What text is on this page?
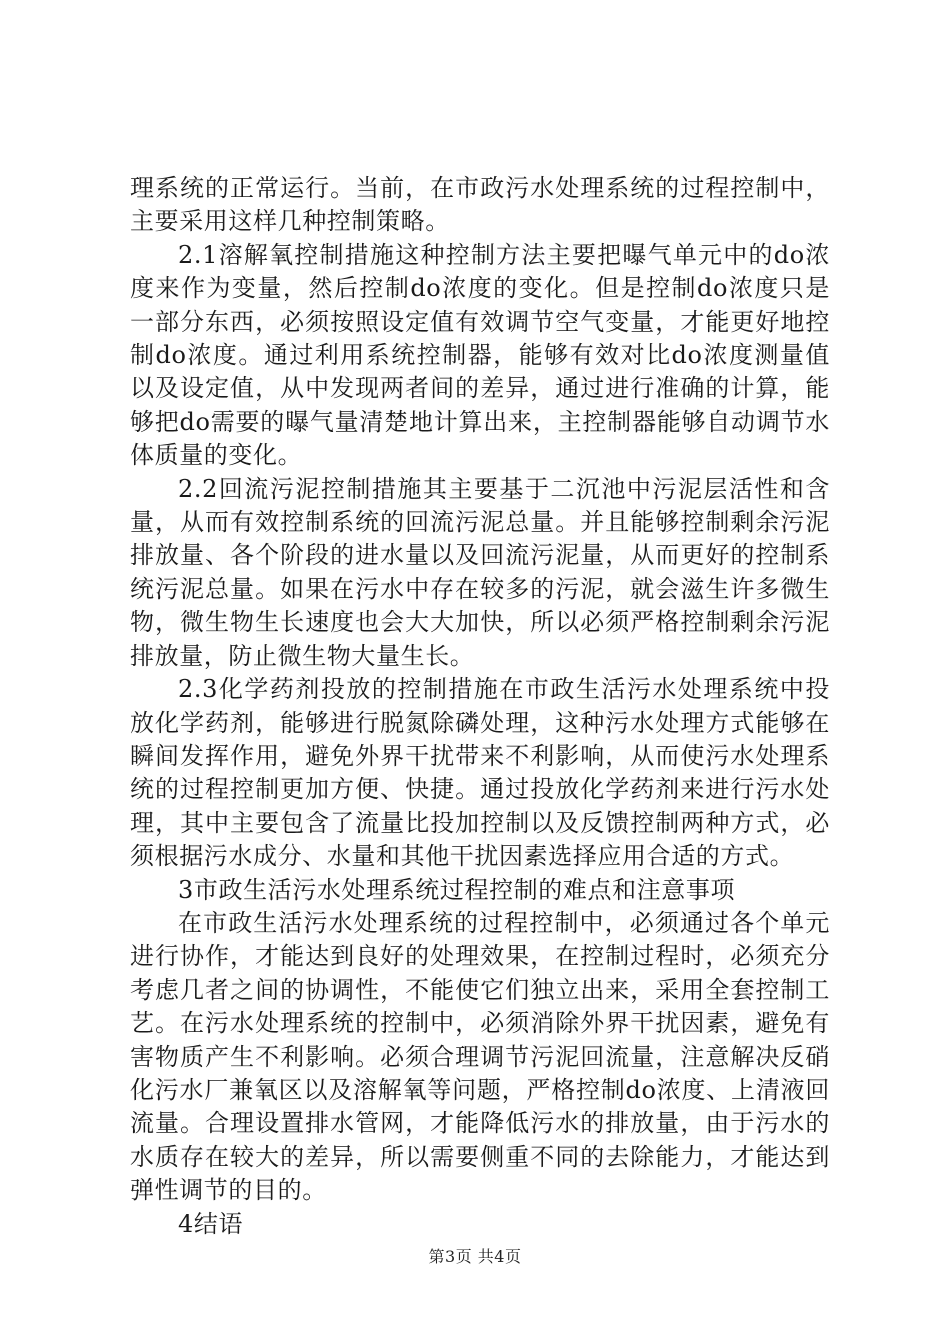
理系统的正常运行。当前，在市政污水处理系统的过程控制中，主要采用这样几种控制策略。

2.1溶解氧控制措施这种控制方法主要把曝气单元中的do浓度来作为变量，然后控制do浓度的变化。但是控制do浓度只是一部分东西，必须按照设定值有效调节空气变量，才能更好地控制do浓度。通过利用系统控制器，能够有效对比do浓度测量值以及设定值，从中发现两者间的差异，通过进行准确的计算，能够把do需要的曝气量清楚地计算出来，主控制器能够自动调节水体质量的变化。

2.2回流污泥控制措施其主要基于二沉池中污泥层活性和含量，从而有效控制系统的回流污泥总量。并且能够控制剩余污泥排放量、各个阶段的进水量以及回流污泥量，从而更好的控制系统污泥总量。如果在污水中存在较多的污泥，就会滋生许多微生物，微生物生长速度也会大大加快，所以必须严格控制剩余污泥排放量，防止微生物大量生长。

2.3化学药剂投放的控制措施在市政生活污水处理系统中投放化学药剂，能够进行脱氮除磷处理，这种污水处理方式能够在瞬间发挥作用，避免外界干扰带来不利影响，从而使污水处理系统的过程控制更加方便、快捷。通过投放化学药剂来进行污水处理，其中主要包含了流量比投加控制以及反馈控制两种方式，必须根据污水成分、水量和其他干扰因素选择应用合适的方式。

3市政生活污水处理系统过程控制的难点和注意事项

在市政生活污水处理系统的过程控制中，必须通过各个单元进行协作，才能达到良好的处理效果，在控制过程时，必须充分考虑几者之间的协调性，不能使它们独立出来，采用全套控制工艺。在污水处理系统的控制中，必须消除外界干扰因素，避免有害物质产生不利影响。必须合理调节污泥回流量，注意解决反硝化污水厂兼氧区以及溶解氧等问题，严格控制do浓度、上清液回流量。合理设置排水管网，才能降低污水的排放量，由于污水的水质存在较大的差异，所以需要侧重不同的去除能力，才能达到弹性调节的目的。

4结语

第3页 共4页
